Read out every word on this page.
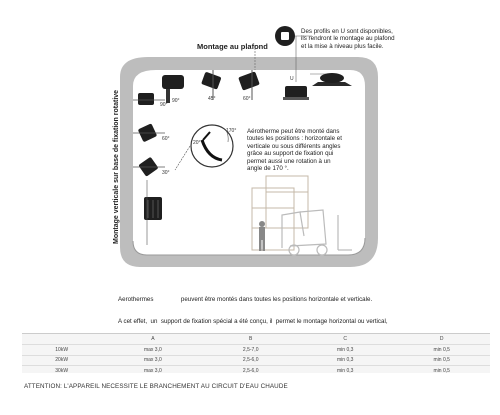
Des profils en U sont disponibles,
ils rendront le montage au plafond
et la mise à niveau plus facile.
Montage au plafond
Montage verticale sur base de fixation rotative	90°	45°	60°
U
90°
60°
30°
170°
20°
Aérotherme peut être monté dans
toutes les positions : horizontale et
verticale ou sous différents angles
grâce au support de fixation qui
permet aussi une rotation à un
angle de 170 °.

Aerothermes                peuvent être montés dans toutes les positions horizontale et verticale.

A cet effet,  un  support de fixation spécial a été conçu, il  permet le montage horizontal ou vertical,

	A	B	C	D
10kW	max 3,0	2,5-7,0	min 0,3	min 0,5
20kW	max 3,0	2,5-6,0	min 0,3	min 0,5
30kW	max 3,0	2,5-6,0	min 0,3	min 0,5
ATTENTION: L'APPAREIL NECESSITE LE BRANCHEMENT AU CIRCUIT D'EAU CHAUDE
